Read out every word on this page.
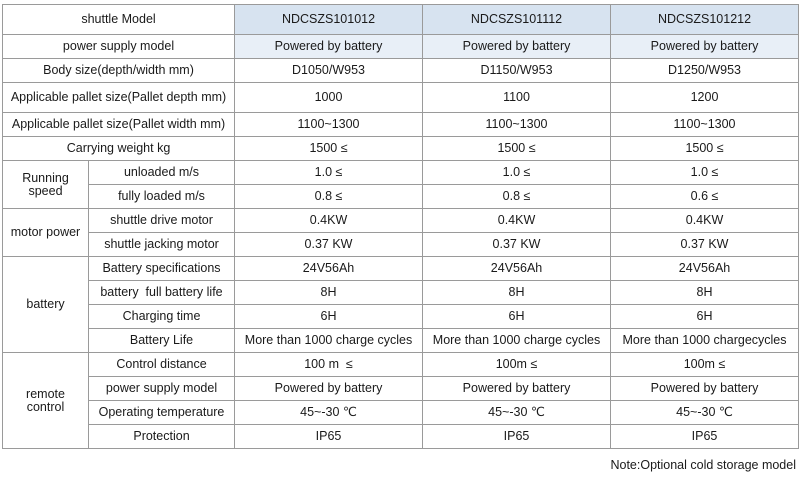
shuttle Model		NDCSZS101012	NDCSZS101112	NDCSZS101212
power supply model		Powered by battery	Powered by battery	Powered by battery
Body size(depth/width mm)		D1050/W953	D1150/W953	D1250/W953
Applicable pallet size(Pallet depth mm)		1000	1100	1200
Applicable pallet size(Pallet width mm)		1100~1300	1100~1300	1100~1300
Carrying weight kg		1500 ≤	1500 ≤	1500 ≤
Running speed	unloaded m/s	1.0 ≤	1.0 ≤	1.0 ≤
	fully loaded m/s	0.8 ≤	0.8 ≤	0.6 ≤
motor power	shuttle drive motor	0.4KW	0.4KW	0.4KW
	shuttle jacking motor	0.37 KW	0.37 KW	0.37 KW
battery	Battery specifications	24V56Ah	24V56Ah	24V56Ah
	battery  full battery life	8H	8H	8H
	Charging time	6H	6H	6H
	Battery Life	More than 1000 charge cycles	More than 1000 charge cycles	More than 1000 chargecycles
remote control	Control distance	100 m  ≤	100m ≤	100m ≤
	power supply model	Powered by battery	Powered by battery	Powered by battery
	Operating temperature	45~-30 ℃	45~-30 ℃	45~-30 ℃
	Protection	IP65	IP65	IP65
Note:Optional cold storage model
